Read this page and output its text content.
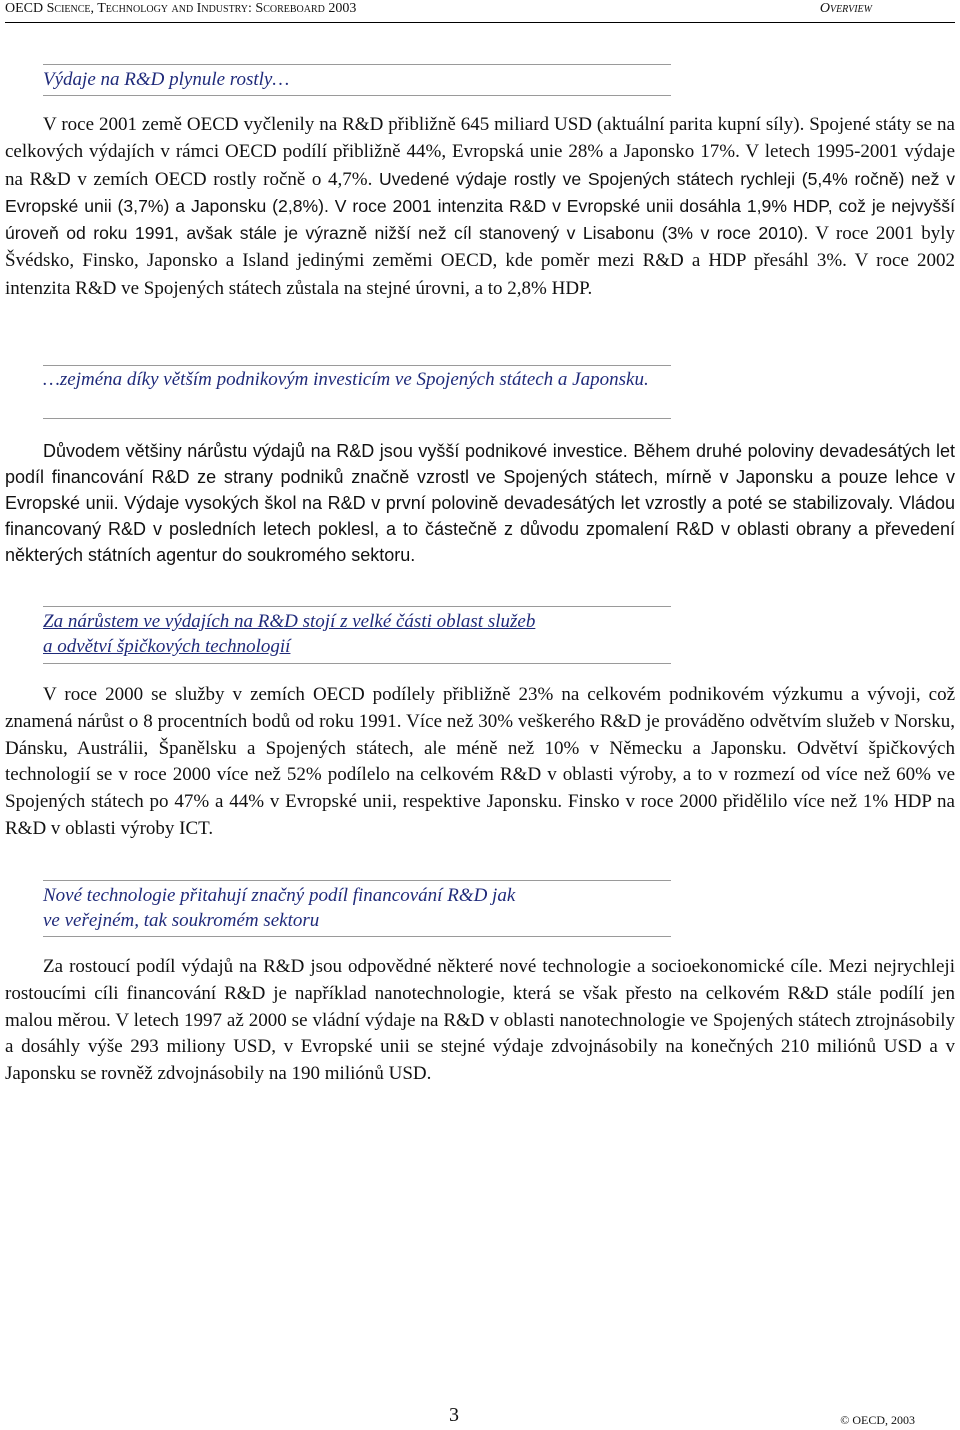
OECD Science, Technology and Industry: Scoreboard 2003	Overview
Výdaje na R&D plynule rostly…
V roce 2001 země OECD vyčlenily na R&D přibližně 645 miliard USD (aktuální parita kupní síly). Spojené státy se na celkových výdajích v rámci OECD podílí přibližně 44%, Evropská unie 28% a Japonsko 17%. V letech 1995-2001 výdaje na R&D v zemích OECD rostly ročně o 4,7%. Uvedené výdaje rostly ve Spojených státech rychleji (5,4% ročně) než v Evropské unii (3,7%) a Japonsku (2,8%). V roce 2001 intenzita R&D v Evropské unii dosáhla 1,9% HDP, což je nejvyšší úroveň od roku 1991, avšak stále je výrazně nižší než cíl stanovený v Lisabonu (3% v roce 2010). V roce 2001 byly Švédsko, Finsko, Japonsko a Island jedinými zeměmi OECD, kde poměr mezi R&D a HDP přesáhl 3%. V roce 2002 intenzita R&D ve Spojených státech zůstala na stejné úrovni, a to 2,8% HDP.
…zejména díky větším podnikovým investicím ve Spojených státech a Japonsku.
Důvodem většiny nárůstu výdajů na R&D jsou vyšší podnikové investice. Během druhé poloviny devadesátých let podíl financování R&D ze strany podniků značně vzrostl ve Spojených státech, mírně v Japonsku a pouze lehce v Evropské unii. Výdaje vysokých škol na R&D v první polovině devadesátých let vzrostly a poté se stabilizovaly. Vládou financovaný R&D v posledních letech poklesl, a to částečně z důvodu zpomalení R&D v oblasti obrany a převedení některých státních agentur do soukromého sektoru.
Za nárůstem ve výdajích na R&D stojí z velké části oblast služeb
a odvětví špičkových technologií
V roce 2000 se služby v zemích OECD podílely přibližně 23% na celkovém podnikovém výzkumu a vývoji, což znamená nárůst o 8 procentních bodů od roku 1991. Více než 30% veškerého R&D je prováděno odvětvím služeb v Norsku, Dánsku, Austrálii, Španělsku a Spojených státech, ale méně než 10% v Německu a Japonsku. Odvětví špičkových technologií se v roce 2000 více než 52% podílelo na celkovém R&D v oblasti výroby, a to v rozmezí od více než 60% ve Spojených státech po 47% a 44% v Evropské unii, respektive Japonsku. Finsko v roce 2000 přidělilo více než 1% HDP na R&D v oblasti výroby ICT.
Nové technologie přitahují značný podíl financování R&D jak
ve veřejném, tak soukromém sektoru
Za rostoucí podíl výdajů na R&D jsou odpovědné některé nové technologie a socioekonomické cíle. Mezi nejrychleji rostoucími cíli financování R&D je například nanotechnologie, která se však přesto na celkovém R&D stále podílí jen malou měrou. V letech 1997 až 2000 se vládní výdaje na R&D v oblasti nanotechnologie ve Spojených státech ztrojnásobily a dosáhly výše 293 miliony USD, v Evropské unii se stejné výdaje zdvojnásobily na konečných 210 miliónů USD a v Japonsku se rovněž zdvojnásobily na 190 miliónů USD.
3	© OECD, 2003
